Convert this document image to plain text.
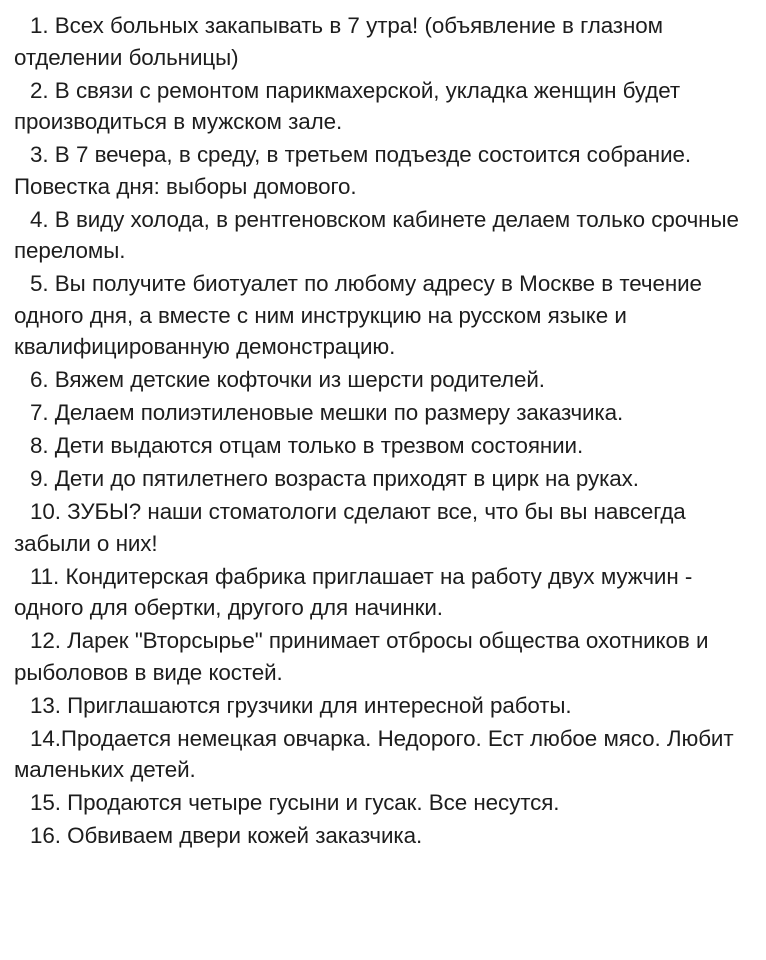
1. Всех больных закапывать в 7 утра! (объявление в глазном отделении больницы)

2. В связи с ремонтом парикмахерской, укладка женщин будет производиться в мужском зале.

3. В 7 вечера, в среду, в третьем подъезде состоится собрание. Повестка дня: выборы домового.

4. В виду холода, в рентгеновском кабинете делаем только срочные переломы.

5. Вы получите биотуалет по любому адресу в Москве в течение одного дня, а вместе с ним инструкцию на русском языке и квалифицированную демонстрацию.

6. Вяжем детские кофточки из шерсти родителей.

7. Делаем полиэтиленовые мешки по размеру заказчика.

8. Дети выдаются отцам только в трезвом состоянии.

9. Дети до пятилетнего возраста приходят в цирк на руках.

10. ЗУБЫ? наши стоматологи сделают все, что бы вы навсегда забыли о них!

11. Кондитерская фабрика приглашает на работу двух мужчин - одного для обертки, другого для начинки.

12. Ларек "Вторсырье" принимает отбросы общества охотников и рыболовов в виде костей.

13. Приглашаются грузчики для интересной работы.

14.Продается немецкая овчарка. Недорого. Ест любое мясо. Любит маленьких детей.

15. Продаются четыре гусыни и гусак. Все несутся.

16. Обвиваем двери кожей заказчика.
